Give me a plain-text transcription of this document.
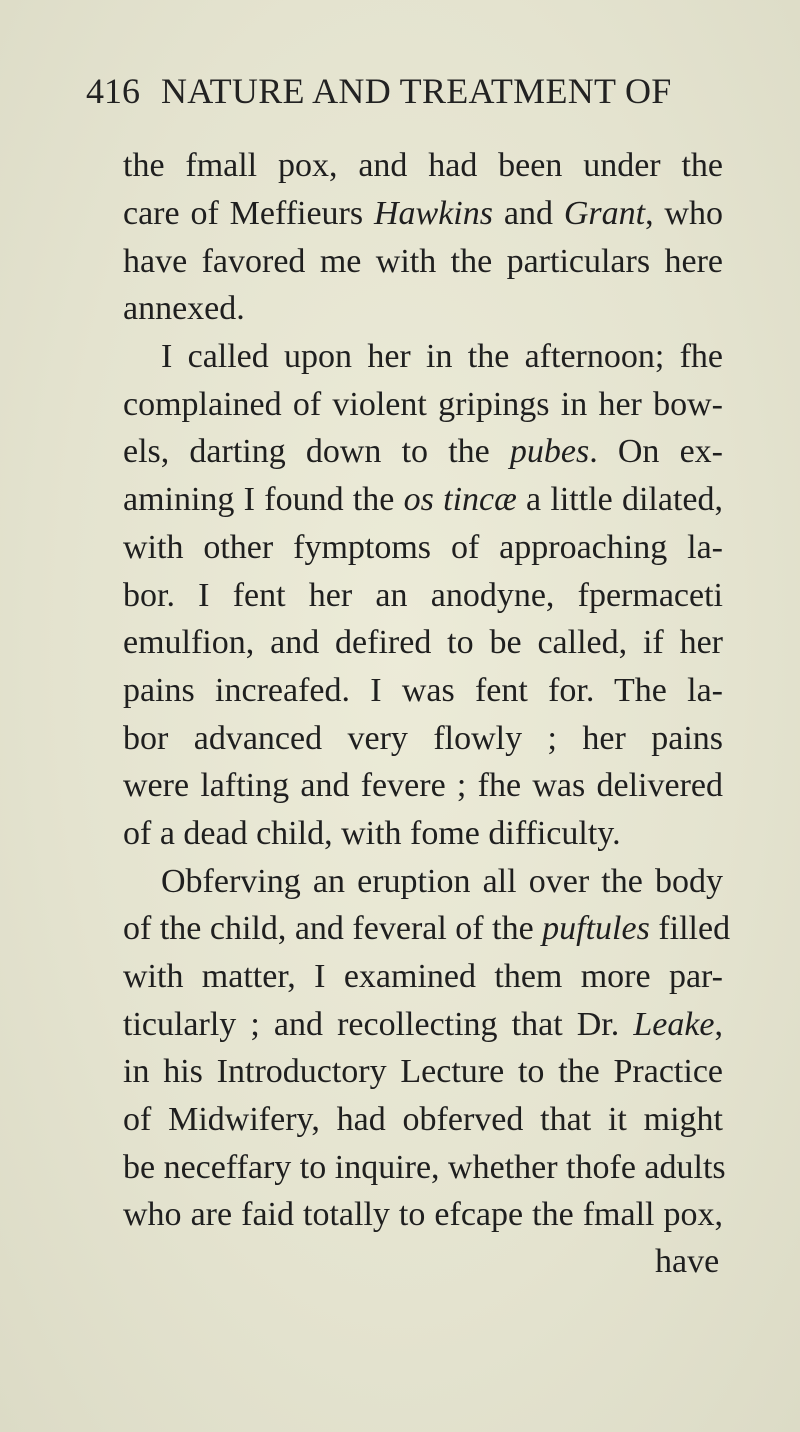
416 NATURE AND TREATMENT OF
the fmall pox, and had been under the
care of Meffieurs Hawkins and Grant, who
have favored me with the particulars here
annexed.
I called upon her in the afternoon; fhe
complained of violent gripings in her bow-
els, darting down to the pubes. On ex-
amining I found the os tincæ a little dilated,
with other fymptoms of approaching la-
bor. I fent her an anodyne, fpermaceti
emulfion, and defired to be called, if her
pains increafed. I was fent for. The la-
bor advanced very flowly ; her pains
were lafting and fevere ; fhe was delivered
of a dead child, with fome difficulty.
Obferving an eruption all over the body
of the child, and feveral of the puftules filled
with matter, I examined them more par-
ticularly ; and recollecting that Dr. Leake,
in his Introductory Lecture to the Practice
of Midwifery, had obferved that it might
be neceffary to inquire, whether thofe adults
who are faid totally to efcape the fmall pox,
have
